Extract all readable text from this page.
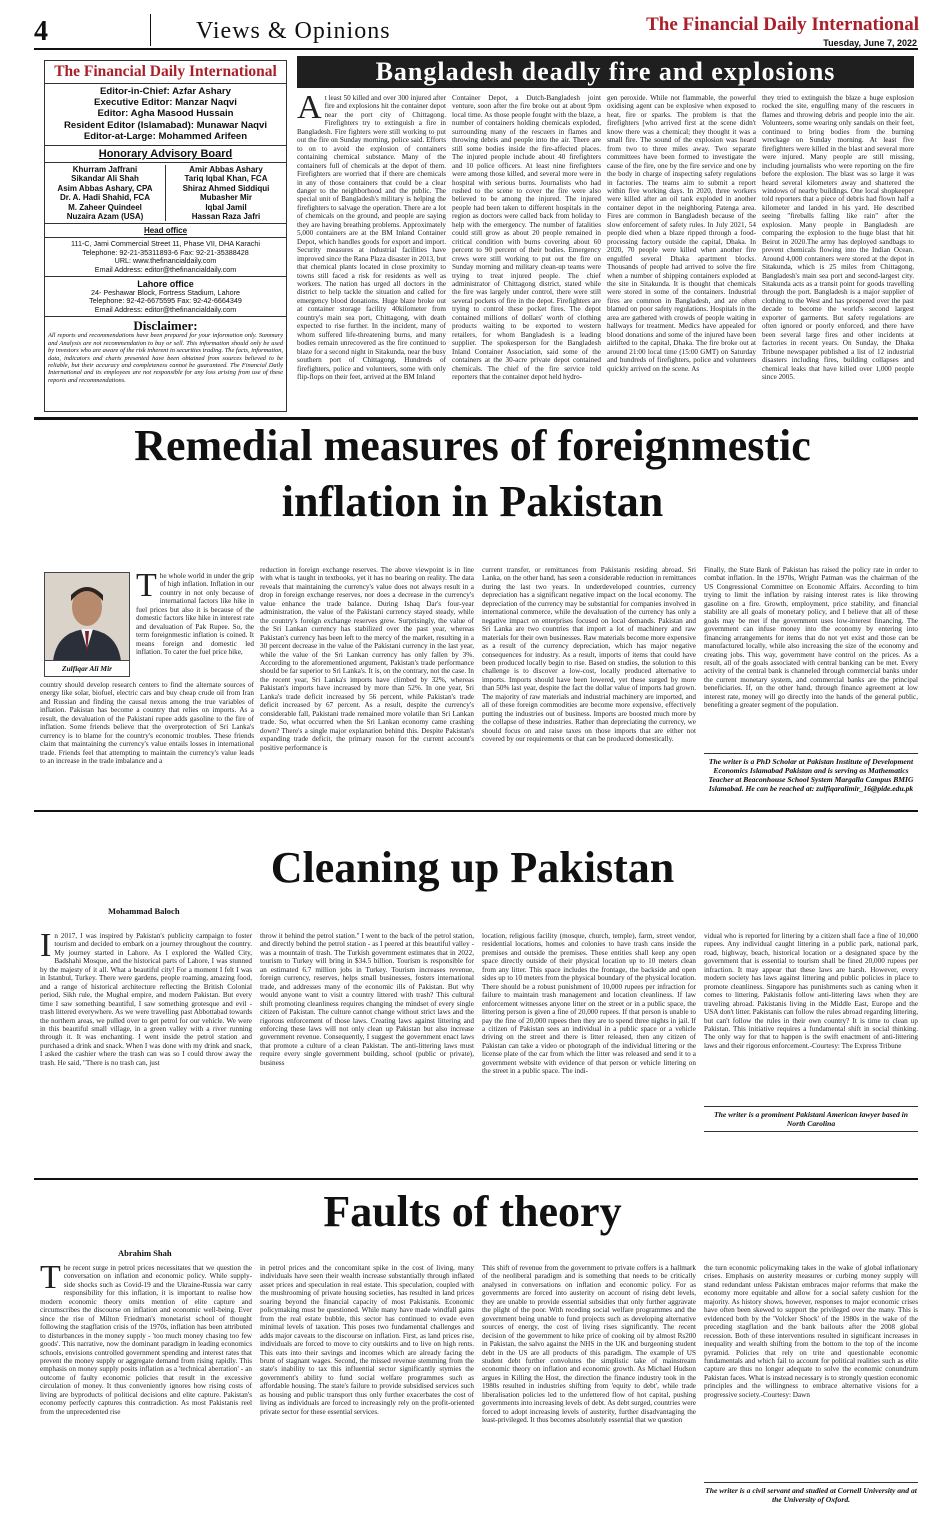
4	Views & Opinions	The Financial Daily International
Tuesday, June 7, 2022
The Financial Daily International
Editor-in-Chief: Azfar Ashary
Executive Editor: Manzar Naqvi
Editor: Agha Masood Hussain
Resident Editor (Islamabad): Munawar Naqvi
Editor-at-Large: Mohammed Arifeen
Honorary Advisory Board
Khurram Jaffrani
Sikandar Ali Shah
Asim Abbas Ashary, CPA
Dr. A. Hadi Shahid, FCA
M. Zaheer Quindeel
Nuzaira Azam (USA)
Amir Abbas Ashary
Tariq Iqbal Khan, FCA
Shiraz Ahmed Siddiqui
Mubasher Mir
Iqbal Jamil
Hassan Raza Jafri
Head office
111-C, Jami Commercial Street 11, Phase VII, DHA Karachi
Telephone: 92-21-35311893-6 Fax: 92-21-35388428
URL: www.thefinancialdaily.com
Email Address: editor@thefinancialdaily.com
Lahore office
24- Peshawar Block, Fortress Stadium, Lahore
Telephone: 92-42-6675595 Fax: 92-42-6664349
Email Address: editor@thefinancialdaily.com
Disclaimer:
All reports and recommendations have been prepared for your information only. Summary and Analysis are not recommendation to buy or sell. This information should only be used by investors who are aware of the risk inherent in securities trading. The facts, information, data, indicators and charts presented have been obtained from sources believed to be reliable, but their accuracy and completeness cannot be guaranteed. The Financial Daily International and its employees are not responsible for any loss arising from use of these reports and recommendations.
Bangladesh deadly fire and explosions
At least 50 killed and over 300 injured after fire and explosions hit the container depot near the port city of Chittagong. Firefighters try to extinguish a fire in Bangladesh. Fire fighters were still working to put out the fire on Sunday morning, police said. Efforts to on to avoid the explosion of containers containing chemical substance. Many of the containers full of chemicals at the depot of them. Firefighters are worried that if there are chemicals in any of those containers that could be a clear danger to the neighborhood and the public. The special unit of Bangladesh's military is helping the firefighters to salvage the operation. There are a lot of chemicals on the ground, and people are saying they are having breathing problems. Approximately 5,000 containers are at the BM Inland Container Depot, which handles goods for export and import. Security measures at industrial facilities have improved since the Rana Plaza disaster in 2013, but that chemical plants located in close proximity to towns still faced a risk for residents as well as workers. The nation has urged all doctors in the district to help tackle the situation and called for emergency blood donations. Huge blaze broke out at container storage facility 40kilometer from country's main sea port, Chittagong, with death expected to rise further. In the incident, many of whom suffered life-threatening burns, and many bodies remain unrecovered as the fire continued to blaze for a second night in Sitakunda, near the busy southern port of Chittagong. Hundreds of firefighters, police and volunteers, some with only flip-flops on their feet, arrived at the BM Inland
Container Depot, a Dutch-Bangladesh joint venture, soon after the fire broke out at about 9pm local time. As those people fought with the blaze, a number of containers holding chemicals exploded, surrounding many of the rescuers in flames and throwing debris and people into the air. There are still some bodies inside the fire-affected places. The injured people include about 40 firefighters and 10 police officers. At least nine firefighters were among those killed, and several more were in hospital with serious burns. Journalists who had rushed to the scene to cover the fire were also believed to be among the injured. The injured people had been taken to different hospitals in the region as doctors were called back from holiday to help with the emergency. The number of fatalities could still grow as about 20 people remained in critical condition with burns covering about 60 percent to 90 percent of their bodies. Emergency crews were still working to put out the fire on Sunday morning and military clean-up teams were trying to treat injured people. The chief administrator of Chittagong district, stated while the fire was largely under control, there were still several pockets of fire in the depot. Firefighters are trying to control these pocket fires. The depot contained millions of dollars' worth of clothing products waiting to be exported to western retailers, for whom Bangladesh is a leading supplier. The spokesperson for the Bangladesh Inland Container Association, said some of the containers at the 30-acre private depot contained chemicals. The chief of the fire service told reporters that the container depot held hydro-
gen peroxide. While not flammable, the powerful oxidising agent can be explosive when exposed to heat, fire or sparks. The problem is that the firefighters [who arrived first at the scene didn't know there was a chemical; they thought it was a small fire. The sound of the explosion was heard from two to three miles away. Two separate committees have been formed to investigate the cause of the fire, one by the fire service and one by the body in charge of inspecting safety regulations in factories. The teams aim to submit a report within five working days. In 2020, three workers were killed after an oil tank exploded in another container depot in the neighboring Patenga area. Fires are common in Bangladesh because of the slow enforcement of safety rules. In July 2021, 54 people died when a blaze ripped through a food-processing factory outside the capital, Dhaka. In 2020, 70 people were killed when another fire engulfed several Dhaka apartment blocks. Thousands of people had arrived to solve the fire when a number of shipping containers exploded at the site in Sitakunda. It is thought that chemicals were stored in some of the containers. Industrial fires are common in Bangladesh, and are often blamed on poor safety regulations. Hospitals in the area are gathered with crowds of people waiting in hallways for treatment. Medics have appealed for blood donations and some of the injured have been airlifted to the capital, Dhaka. The fire broke out at around 21:00 local time (15:00 GMT) on Saturday and hundreds of firefighters, police and volunteers quickly arrived on the scene. As
they tried to extinguish the blaze a huge explosion rocked the site, engulfing many of the rescuers in flames and throwing debris and people into the air. Volunteers, some wearing only sandals on their feet, continued to bring bodies from the burning wreckage on Sunday morning. At least five firefighters were killed in the blast and several more were injured. Many people are still missing, including journalists who were reporting on the fire before the explosion. The blast was so large it was heard several kilometers away and shattered the windows of nearby buildings. One local shopkeeper told reporters that a piece of debris had flown half a kilometer and landed in his yard. He described seeing "fireballs falling like rain" after the explosion. Many people in Bangladesh are comparing the explosion to the huge blast that hit Beirut in 2020.The army has deployed sandbags to prevent chemicals flowing into the Indian Ocean. Around 4,000 containers were stored at the depot in Sitakunda, which is 25 miles from Chittagong, Bangladesh's main sea port and second-largest city. Sitakunda acts as a transit point for goods travelling through the port. Bangladesh is a major supplier of clothing to the West and has prospered over the past decade to become the world's second largest exporter of garments. But safety regulations are often ignored or poorly enforced, and there have been several large fires and other incidents at factories in recent years. On Sunday, the Dhaka Tribune newspaper published a list of 12 industrial disasters including fires, building collapses and chemical leaks that have killed over 1,000 people since 2005.
Remedial measures of foreignmestic
inflation in Pakistan
Zulfiqar Ali Mir
The whole world in under the grip of high inflation. Inflation in our country in not only because of international factors like hike in fuel prices but also it is because of the domestic factors like hike in interest rate and devaluation of Pak Rupee. So, the term foreignmestic inflation is coined. It means foreign and domestic led inflation. To cater the fuel price hike,
country should develop research centers to find the alternate sources of energy like solar, biofuel, electric cars and buy cheap crude oil from Iran and Russian and finding the causal nexus among the true variables of inflation. Pakistan has become a country that relies on imports. As a result, the devaluation of the Pakistani rupee adds gasoline to the fire of inflation. Some friends believe that the overprotection of Sri Lanka's currency is to blame for the country's economic troubles. These friends claim that maintaining the currency's value entails losses in international trade. Friends feel that attempting to maintain the currency's value leads to an increase in the trade imbalance and a
reduction in foreign exchange reserves. The above viewpoint is in line with what is taught in textbooks, yet it has no bearing on reality. The data reveals that maintaining the currency's value does not always result in a drop in foreign exchange reserves, nor does a decrease in the currency's value enhance the trade balance. During Ishaq Dar's four-year administration, the value of the Pakistani currency stayed steady, while the country's foreign exchange reserves grew. Surprisingly, the value of the Sri Lankan currency has stabilized over the past year, whereas Pakistan's currency has been left to the mercy of the market, resulting in a 30 percent decrease in the value of the Pakistani currency in the last year, while the value of the Sri Lankan currency has only fallen by 3%. According to the aforementioned argument, Pakistan's trade performance should be far superior to Sri Lanka's. It is, on the contrary, not the case. In the recent year, Sri Lanka's imports have climbed by 32%, whereas Pakistan's imports have increased by more than 52%. In one year, Sri Lanka's trade deficit increased by 56 percent, while Pakistan's trade deficit increased by 67 percent. As a result, despite the currency's considerable fall, Pakistani trade remained more volatile than Sri Lankan trade. So, what occurred when the Sri Lankan economy came crashing down? There's a single major explanation behind this. Despite Pakistan's expanding trade deficit, the primary reason for the current account's positive performance is
current transfer, or remittances from Pakistanis residing abroad. Sri Lanka, on the other hand, has seen a considerable reduction in remittances during the last two years. In underdeveloped countries, currency depreciation has a significant negative impact on the local economy. The depreciation of the currency may be substantial for companies involved in international commerce, while the devaluation of the currency has only a negative impact on enterprises focused on local demands. Pakistan and Sri Lanka are two countries that import a lot of machinery and raw materials for their own businesses. Raw materials become more expensive as a result of the currency depreciation, which has major negative consequences for industry. As a result, imports of items that could have been produced locally begin to rise. Based on studies, the solution to this challenge is to discover a low-cost, locally produced alternative to imports. Imports should have been lowered, yet these surged by more than 50% last year, despite the fact the dollar value of imports had grown. The majority of raw materials and industrial machinery are imported, and all of these foreign commodities are become more expensive, effectively putting the industries out of business. Imports are boosted much more by the collapse of these industries. Rather than depreciating the currency, we should focus on and raise taxes on those imports that are either not covered by our requirements or that can be produced domestically.
Finally, the State Bank of Pakistan has raised the policy rate in order to combat inflation. In the 1970s, Wright Patman was the chairman of the US Congressional Committee on Economic Affairs. According to him trying to limit the inflation by raising interest rates is like throwing gasoline on a fire. Growth, employment, price stability, and financial stability are all goals of monetary policy, and I believe that all of these goals may be met if the government uses low-interest financing. The government can infuse money into the economy by entering into financing arrangements for items that do not yet exist and those can be manufactured locally, while also increasing the size of the economy and creating jobs. This way, government have control on the prices. As a result, all of the goals associated with central banking can be met. Every activity of the central bank is channeled through commercial banks under the current monetary system, and commercial banks are the principal beneficiaries. If, on the other hand, through finance agreement at low interest rate, money will go directly into the hands of the general public, benefiting a greater segment of the population.
The writer is a PhD Scholar at Pakistan Institute of Development Economics Islamabad Pakistan and is serving as Mathematics Teacher at Beaconhouse School System Margalla Campus BMIG Islamabad. He can be reached at: zulfiqaralimir_16@pide.edu.pk
Cleaning up Pakistan
Mohammad Baloch
In 2017, I was inspired by Pakistan's publicity campaign to foster tourism and decided to embark on a journey throughout the country. My journey started in Lahore. As I explored the Walled City, Badshahi Mosque, and the historical parts of Lahore, I was stunned by the majesty of it all. What a beautiful city! For a moment I felt I was in Istanbul, Turkey. There were gardens, people roaming, amazing food, and a range of historical architecture reflecting the British Colonial period, Sikh rule, the Mughal empire, and modern Pakistan. But every time I saw something beautiful, I saw something grotesque and evil - trash littered everywhere. As we were travelling past Abbottabad towards the northern areas, we pulled over to get petrol for our vehicle. We were in this beautiful small village, in a green valley with a river running through it. It was enchanting. I went inside the petrol station and purchased a drink and snack. When I was done with my drink and snack, I asked the cashier where the trash can was so I could throw away the trash. He said, "There is no trash can, just
throw it behind the petrol station." I went to the back of the petrol station, and directly behind the petrol station - as I peered at this beautiful valley - was a mountain of trash. The Turkish government estimates that in 2022, tourism to Turkey will bring in $34.5 billion. Tourism is responsible for an estimated 6.7 million jobs in Turkey. Tourism increases revenue, foreign currency, reserves, helps small businesses, fosters international trade, and addresses many of the economic ills of Pakistan. But why would anyone want to visit a country littered with trash? This cultural shift promoting cleanliness requires changing the mindset of every single citizen of Pakistan. The culture cannot change without strict laws and the rigorous enforcement of those laws. Creating laws against littering and enforcing these laws will not only clean up Pakistan but also increase government revenue. Consequently, I suggest the government enact laws that promote a culture of a clean Pakistan. The anti-littering laws must require every single government building, school (public or private), business
location, religious facility (mosque, church, temple), farm, street vendor, residential locations, homes and colonies to have trash cans inside the premises and outside the premises. These entities shall keep any open space directly outside of their physical location up to 10 meters clean from any litter. This space includes the frontage, the backside and open sides up to 10 meters from the physical boundary of the physical location. There should be a robust punishment of 10,000 rupees per infraction for failure to maintain trash management and location cleanliness. If law enforcement witnesses anyone litter on the street or in a public space, the littering person is given a fine of 20,000 rupees. If that person is unable to pay the fine of 20,000 rupees then they are to spend three nights in jail. If a citizen of Pakistan sees an individual in a public space or a vehicle driving on the street and there is litter released, then any citizen of Pakistan can take a video or photograph of the individual littering or the license plate of the car from which the litter was released and send it to a government website with evidence of that person or vehicle littering on the street in a public space. The indi-
vidual who is reported for littering by a citizen shall face a fine of 10,000 rupees. Any individual caught littering in a public park, national park, road, highway, beach, historical location or a designated space by the government that is essential to tourism shall be fined 20,000 rupees per infraction. It may appear that these laws are harsh. However, every modern society has laws against littering and public policies in place to promote cleanliness. Singapore has punishments such as caning when it comes to littering. Pakistanis follow anti-littering laws when they are traveling abroad. Pakistanis living in the Middle East, Europe and the USA don't litter. Pakistanis can follow the rules abroad regarding littering, but can't follow the rules in their own country? It is time to clean up Pakistan. This initiative requires a fundamental shift in social thinking. The only way for that to happen is the swift enactment of anti-littering laws and their rigorous enforcement.-Courtesy: The Express Tribune
The writer is a prominent Pakistani American lawyer based in North Carolina
Faults of theory
Abrahim Shah
The recent surge in petrol prices necessitates that we question the conversation on inflation and economic policy. While supply-side shocks such as Covid-19 and the Ukraine-Russia war carry responsibility for this inflation, it is important to realise how modern economic theory omits mention of elite capture and circumscribes the discourse on inflation and economic well-being. Ever since the rise of Milton Friedman's monetarist school of thought following the stagflation crisis of the 1970s, inflation has been attributed to disturbances in the money supply - 'too much money chasing too few goods'. This narrative, now the dominant paradigm in leading economics schools, envisions controlled government spending and interest rates that prevent the money supply or aggregate demand from rising rapidly. This emphasis on money supply posits inflation as a 'technical aberration' - an outcome of faulty economic policies that result in the excessive circulation of money. It thus conveniently ignores how rising costs of living are byproducts of political decisions and elite capture. Pakistan's economy perfectly captures this contradiction. As most Pakistanis reel from the unprecedented rise
in petrol prices and the concomitant spike in the cost of living, many individuals have seen their wealth increase substantially through inflated asset prices and speculation in real estate. This speculation, coupled with the mushrooming of private housing societies, has resulted in land prices soaring beyond the financial capacity of most Pakistanis. Economic policymaking must be questioned. While many have made windfall gains from the real estate bubble, this sector has continued to evade even minimal levels of taxation. This poses two fundamental challenges and adds major caveats to the discourse on inflation. First, as land prices rise, individuals are forced to move to city outskirts and to live on high rents. This eats into their savings and incomes which are already facing the brunt of stagnant wages. Second, the missed revenue stemming from the state's inability to tax this influential sector significantly stymies the government's ability to fund social welfare programmes such as affordable housing. The state's failure to provide subsidised services such as housing and public transport thus only further exacerbates the cost of living as individuals are forced to increasingly rely on the profit-oriented private sector for these essential services.
This shift of revenue from the government to private coffers is a hallmark of the neoliberal paradigm and is something that needs to be critically analysed in conversations on inflation and economic policy. For as governments are forced into austerity on account of rising debt levels, they are unable to provide essential subsidies that only further aggravate the plight of the poor. With receding social welfare programmes and the government being unable to fund projects such as developing alternative sources of energy, the cost of living rises significantly. The recent decision of the government to hike price of cooking oil by almost Rs200 in Pakistan, the salvo against the NHS in the UK and burgeoning student debt in the US are all products of this paradigm. The example of US student debt further convolutes the simplistic take of mainstream economic theory on inflation and economic growth. As Michael Hudson argues in Killing the Host, the direction the finance industry took in the 1980s resulted in industries shifting from 'equity to debt', while trade liberalisation policies led to the unfettered flow of hot capital, pushing governments into increasing levels of debt. As debt surged, countries were forced to adopt increasing levels of austerity, further disadvantaging the least-privileged. It thus becomes absolutely essential that we question
the turn economic policymaking takes in the wake of global inflationary crises. Emphasis on austerity measures or curbing money supply will stand redundant unless Pakistan embraces major reforms that make the economy more equitable and allow for a social safety cushion for the majority. As history shows, however, responses to major economic crises have often been skewed to support the privileged over the many. This is evidenced both by the 'Volcker Shock' of the 1980s in the wake of the preceding stagflation and the bank bailouts after the 2008 global recession. Both of these interventions resulted in significant increases in inequality and wealth shifting from the bottom to the top of the income pyramid. Policies that rely on trite and questionable economic fundamentals and which fail to account for political realities such as elite capture are thus no longer adequate to solve the economic conundrum Pakistan faces. What is instead necessary is to strongly question economic principles and the willingness to embrace alternative visions for a progressive society.-Courtesy: Dawn
The writer is a civil servant and studied at Cornell University and at the University of Oxford.
